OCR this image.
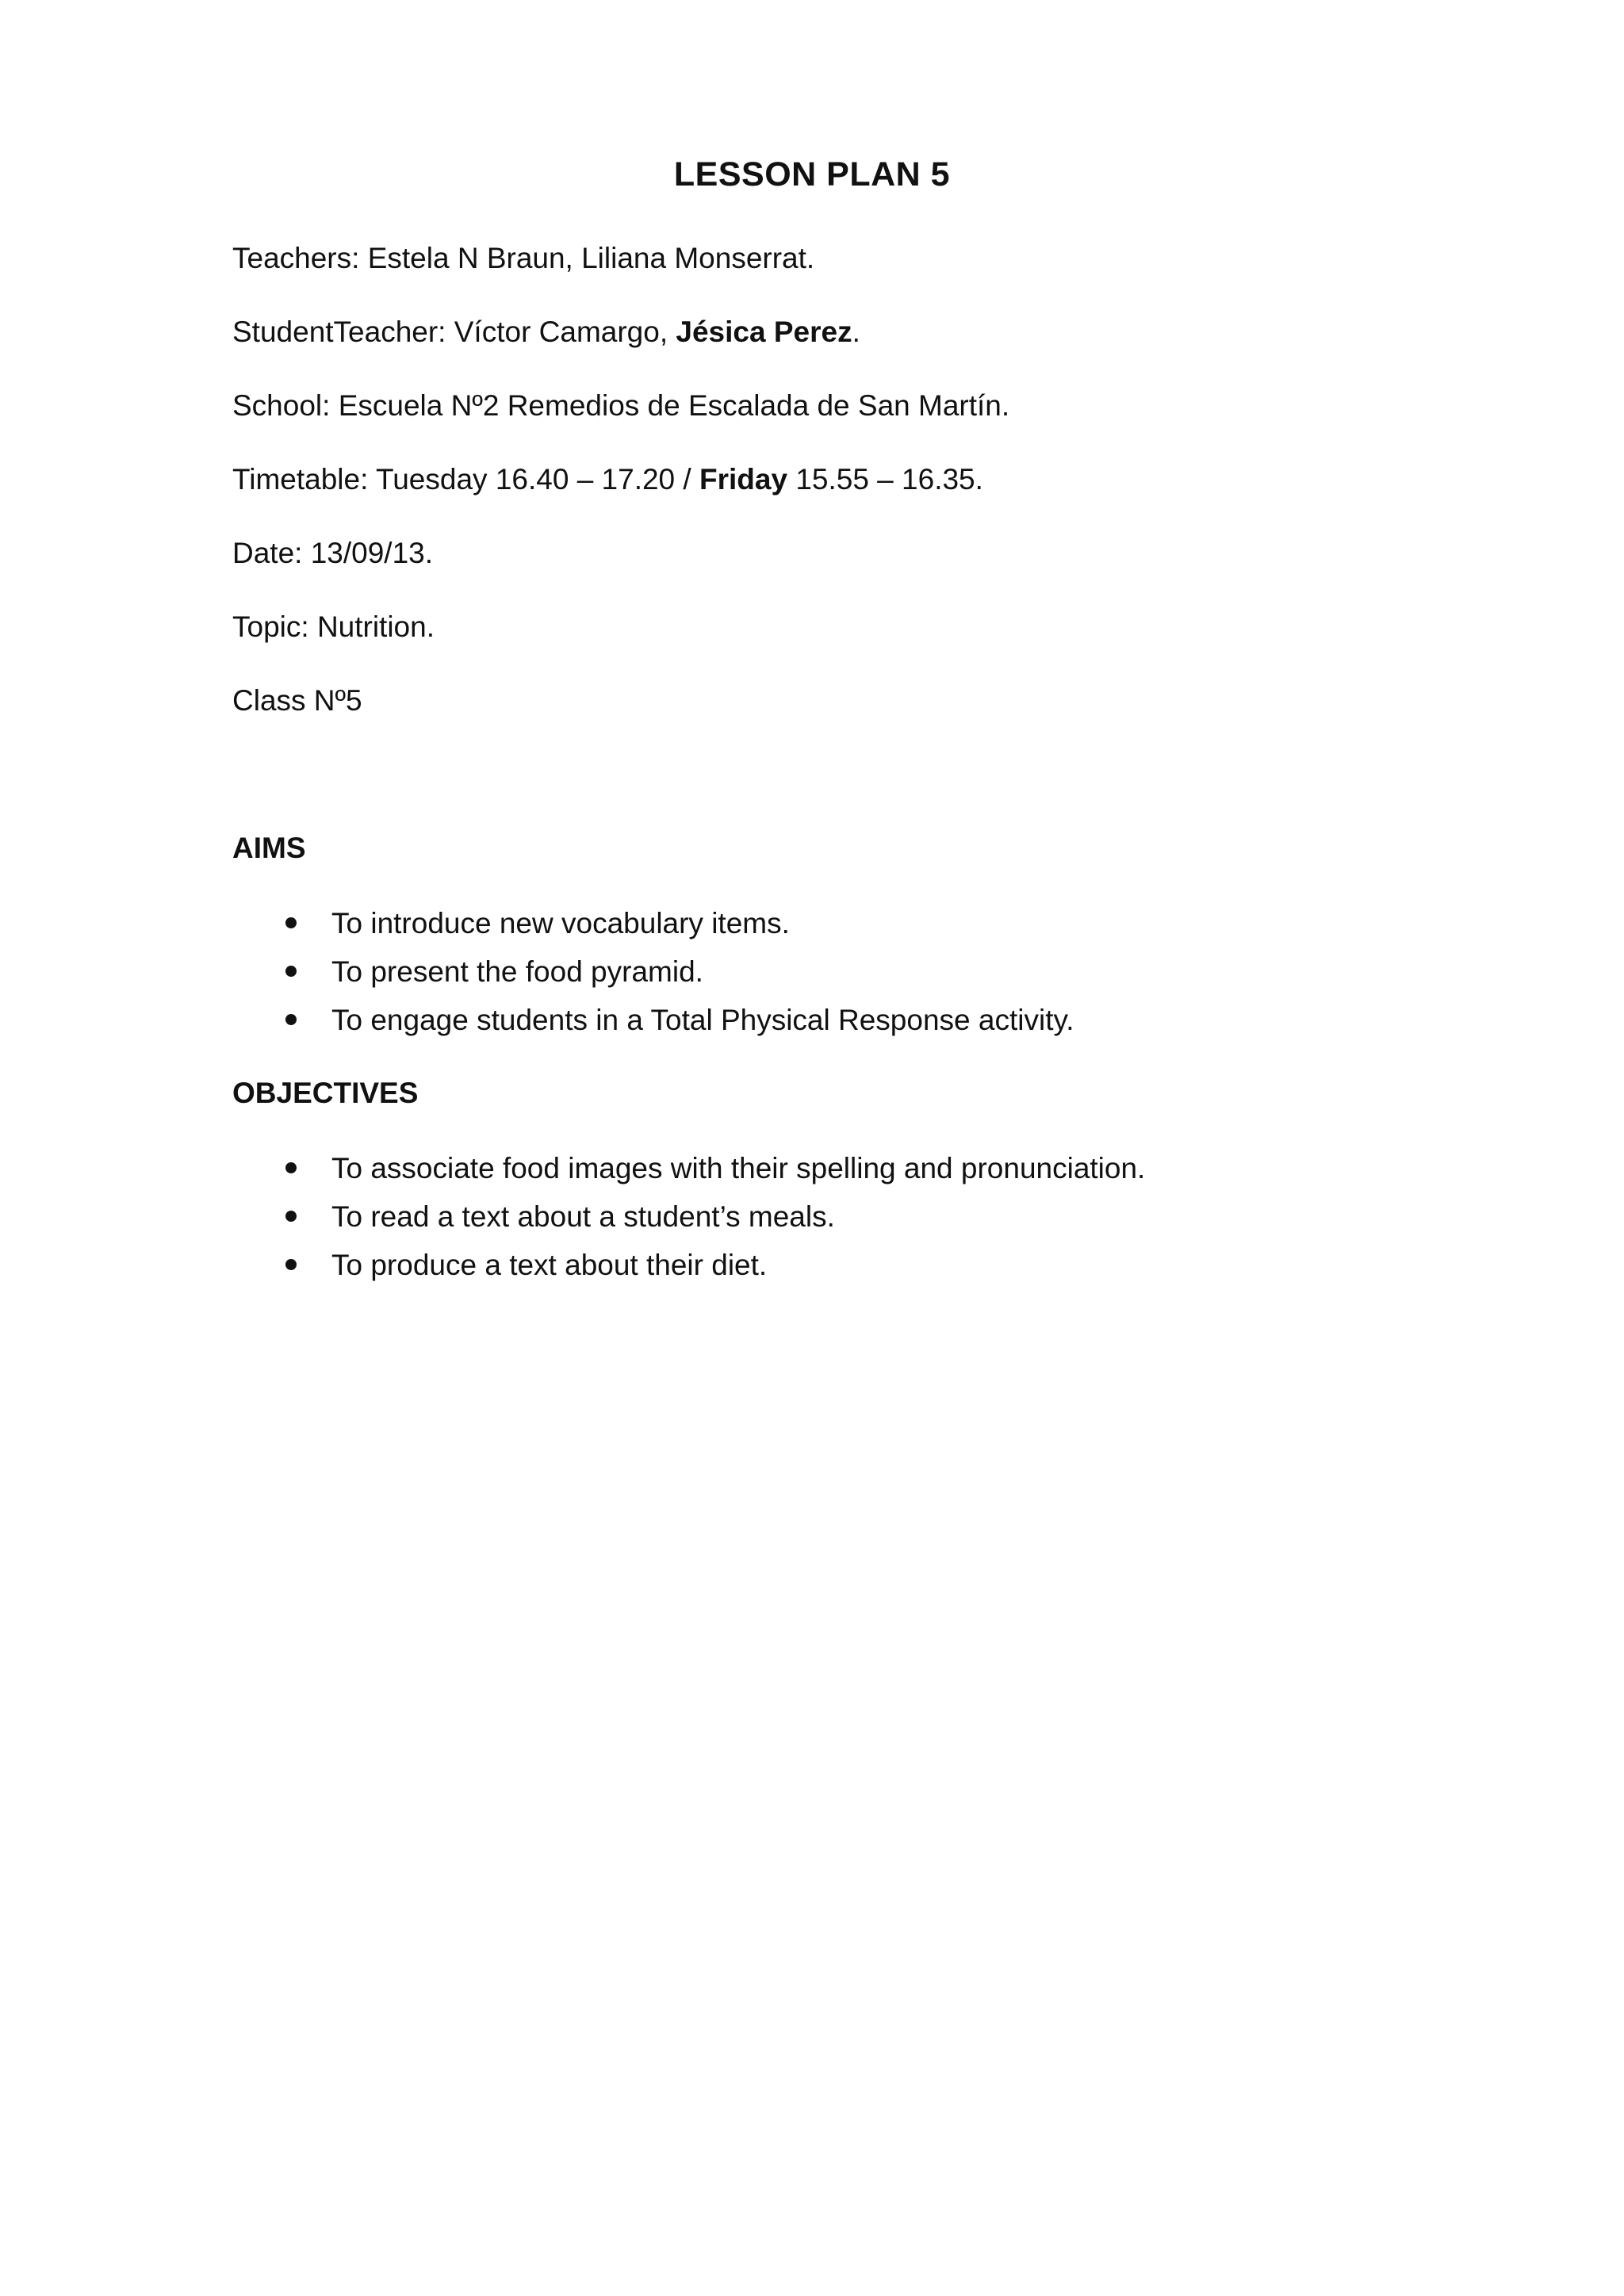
LESSON PLAN 5
Teachers: Estela N Braun, Liliana Monserrat.
StudentTeacher: Víctor Camargo, Jésica Perez.
School: Escuela Nº2 Remedios de Escalada de San Martín.
Timetable: Tuesday 16.40 – 17.20 / Friday 15.55 – 16.35.
Date: 13/09/13.
Topic: Nutrition.
Class Nº5
AIMS
To introduce new vocabulary items.
To present the food pyramid.
To engage students in a Total Physical Response activity.
OBJECTIVES
To associate food images with their spelling and pronunciation.
To read a text about a student’s meals.
To produce a text about their diet.
